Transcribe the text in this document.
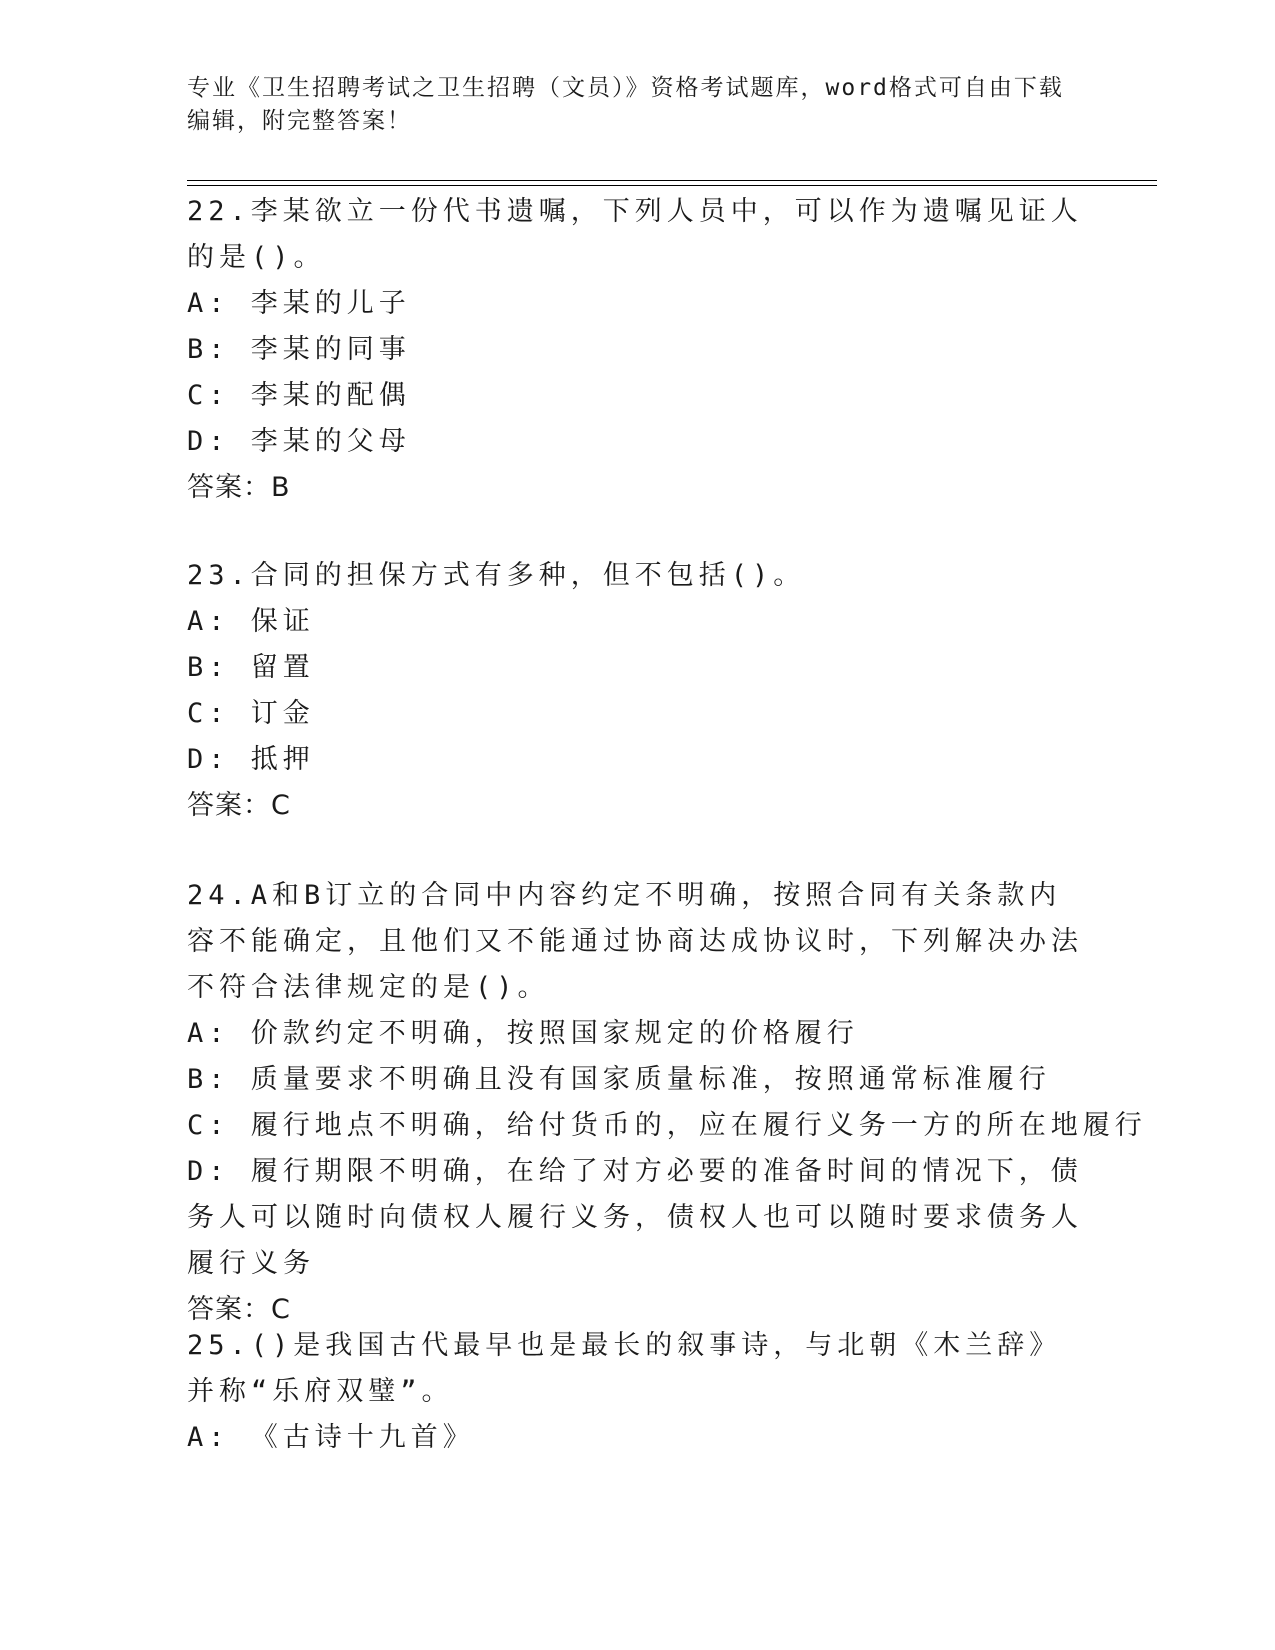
专业《卫生招聘考试之卫生招聘（文员）》资格考试题库，word格式可自由下载
编辑，附完整答案！
22.李某欲立一份代书遗嘱，下列人员中，可以作为遗嘱见证人的是()。
A: 李某的儿子
B: 李某的同事
C: 李某的配偶
D: 李某的父母
答案：B
23.合同的担保方式有多种，但不包括()。
A: 保证
B: 留置
C: 订金
D: 抵押
答案：C
24.A和B订立的合同中内容约定不明确，按照合同有关条款内容不能确定，且他们又不能通过协商达成协议时，下列解决办法不符合法律规定的是()。
A: 价款约定不明确，按照国家规定的价格履行
B: 质量要求不明确且没有国家质量标准，按照通常标准履行
C: 履行地点不明确，给付货币的，应在履行义务一方的所在地履行
D: 履行期限不明确，在给了对方必要的准备时间的情况下，债务人可以随时向债权人履行义务，债权人也可以随时要求债务人履行义务
答案：C
25.()是我国古代最早也是最长的叙事诗，与北朝《木兰辞》并称“乐府双璧”。
A: 《古诗十九首》
